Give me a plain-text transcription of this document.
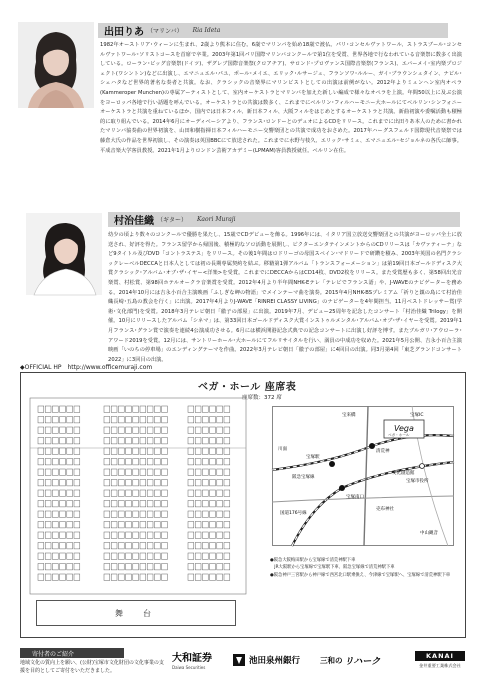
出田りあ （マリンバ） Ria Ideta
1982年オーストリア･ウィーンに生まれ、2歳より熊本に住む。6歳でマリンバを始め18歳で渡仏。パリ･コンセルヴァトワール、ストラスブール･コンセルヴァトワール･ソリストコースを首席で卒業。2003年第1回パリ国際マリンバコンクールで第1位を受賞、世界各地で行なわれている音楽祭に数多く出演している。ローラン･ビッグ音楽祭(ドイツ)、ザグレブ国際音楽祭(クロアチア)、サロンド･プロヴァンス国際音楽祭(フランス)、エバーメイ･室内楽プロジェクト(ワシントン)などに出演し、エマニュエル･パユ、ポール･メイエ、エリック･ルサージュ、フランソワ･ルルー、ガイ･ブラウンシュタイン、ナビル･シェハタなど世界的著名な奏者と共演。なお、クラシックの音楽界にマリンビストとしての出演は前例がない。2012年よりミュンヘン室内オペラ(Kammeroper Munchen)の専属アーティストとして、室内オーケストラとマリンバを加えた新しい編成で様々なオペラを上演。年間50以上に及ぶ公演をヨーロッパ各地で行い話題を呼んでいる。オーケストラとの共演は数多く、これまでにベルリン･フィルハーモニー大ホールにてベルリン･シンフォニーオーケストラと共演を重ねているほか、国内では日本フィル、新日本フィル、大阪フィルをはじめとするオーケストラと共演。新曲初演や委嘱活動も積極的に取り組んでいる。2014年6月にオーディベーシアより、フランス･ロンドーとのデュオによるCDをリリース。これまでに出田りあ本人のために書かれたマリンバ協奏曲の世界初演を、山田和樹指揮日本フィルハーモニー交響楽団との共演で成功をおさめた。2017年ハーグスフェルド国際現代音楽祭では藤倉大氏の作品を世界初演し、その演奏は英国BBCにて放送された。これまでに水野与枝久、エリック･サミュ、エマニュエル･セジョルネの各氏に師事。平成音楽大学客員教授。2021年1月よりロンドン芸術アカデミー(LPMAM)客員教授就任。ベルリン在住。
村治佳織 （ギター） Kaori Muraji
幼少の頃より数々のコンクールで優勝を果たし、15歳でCDデビューを飾る。1996年には、イタリア国立放送交響楽団との共演がヨーロッパ全土に放送され、好評を得た。フランス留学から帰国後、積極的なソロ活動を展開し、ビクターエンタテインメントからのCDリリースは「カヴァティーナ」など9タイトル及びDVD「コントラステス」をリリース。その後1年間はロドリーゴの母国スペイン･マドリードで研鑽を積み、2003年英国の名門クラシックレーベルDECCAと日本人としては初の長期専属契約を結ぶ。移籍第1弾アルバム「トランスフォーメーション」は第19回日本ゴールドディスク大賞クラシック･アルバム･オブ･ザ･イヤー<洋楽>を受賞。これまでにDECCAからはCD14枚、DVD2枚をリリース。また受賞歴も多く、第58回出光音楽賞、村松賞、第98回ホテルオークラ音楽賞を受賞。2012年4月より半年間NHK-Eテレ「テレビでフランス語」や、J-WAVEのナビゲーターを務める。2014年10月には吉永小百合主演映画「ふしぎな岬の物語」でメインテーマ曲を演奏。2015年4月NHK-BSプレミアム「祈りと鎮の島にて村治佳織長崎･五島の教会を行く」に出演。2017年4月よりJ-WAVE「RINREI CLASSY LIVING」のナビゲーターを4年間担当。11月ベストドレッサー賞(学術･文化部門)を受賞。2018年3月テレビ朝日「徹子の部屋」に出演。2019年7月、デビュー25周年を記念したコンサート「村治佳織 Trilogy」を開催。10月にリリースしたアルバム「シネマ」は、第33回日本ゴールドディスク大賞インストゥルメンタル･アルバム･オブ･ザ･イヤーを受賞。2019年1月フランス･グラン賞で演奏を連続4公演成功させる。6月には横浜開港記念式典での記念コンサートに出演し好評を博す。またブルガリ･アウローラ･アワード2019を受賞。12月には、サントリーホール･大ホールにてフルリサイタルを行い、満員の中成功を収めた。2021年5月公開、吉永小百合主演映画「いのちの停車場」のエンディングテーマを作曲。2022年3月テレビ朝日「徹子の部屋」に4回目の出演。同3月第4回「東芝グランドコンサート2022」に3回目の出演。
◆OFFICIAL HP　http://www.officemuraji.com
ベガ・ホール 座席表
座席数：372 席
舞　台
Vega
ベガ・ホール
宝塚IC
宝来橋
清荒神
宝塚市役所
文化創造館
宝塚駅
川面
売布神社
中山観音
宝塚南口
国道176号線
阪急宝塚線
●阪急大阪梅田駅から宝塚線で清荒神駅下車
　JR大阪駅から宝塚線で宝塚駅下車、阪急宝塚線で清荒神駅下車
●阪急神戸三宮駅から神戸線で西宮北口駅乗換え、今津線で宝塚駅へ、宝塚線で清荒神駅下車
寄付者のご紹介
地域文化の質向上を願い、(公財)宝塚市文化財団の文化事業の支援を目的としてご寄付をいただきました。
大和証券
Daiwa Securities
池田泉州銀行	三和の リハーク
KANAI
金井重要工業株式会社
